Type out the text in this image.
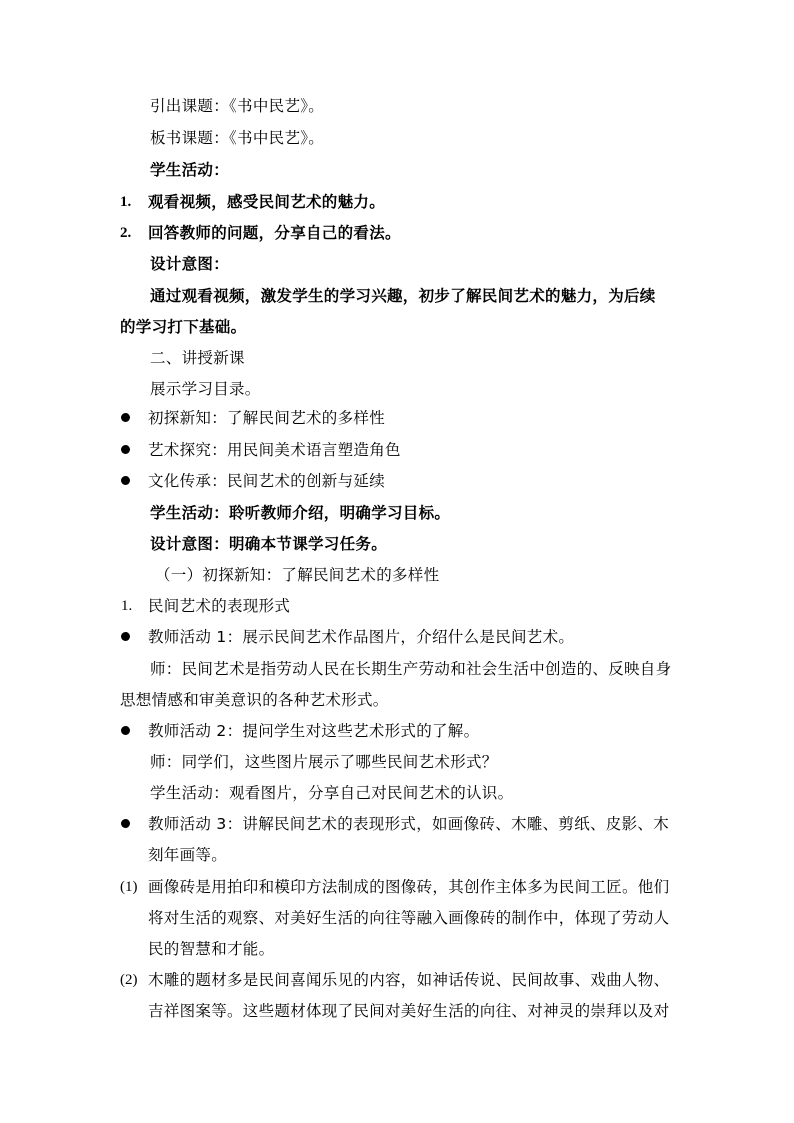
引出课题：《书中民艺》。
板书课题：《书中民艺》。
学生活动：
1. 观看视频，感受民间艺术的魅力。
2. 回答教师的问题，分享自己的看法。
设计意图：
通过观看视频，激发学生的学习兴趣，初步了解民间艺术的魅力，为后续
的学习打下基础。
二、讲授新课
展示学习目录。
初探新知：了解民间艺术的多样性
艺术探究：用民间美术语言塑造角色
文化传承：民间艺术的创新与延续
学生活动：聆听教师介绍，明确学习目标。
设计意图：明确本节课学习任务。
（一）初探新知：了解民间艺术的多样性
1. 民间艺术的表现形式
教师活动 1：展示民间艺术作品图片，介绍什么是民间艺术。
师：民间艺术是指劳动人民在长期生产劳动和社会生活中创造的、反映自身
思想情感和审美意识的各种艺术形式。
教师活动 2：提问学生对这些艺术形式的了解。
师：同学们，这些图片展示了哪些民间艺术形式？
学生活动：观看图片，分享自己对民间艺术的认识。
教师活动 3：讲解民间艺术的表现形式，如画像砖、木雕、剪纸、皮影、木
刻年画等。
(1) 画像砖是用拍印和模印方法制成的图像砖，其创作主体多为民间工匠。他们
将对生活的观察、对美好生活的向往等融入画像砖的制作中，体现了劳动人
民的智慧和才能。
(2) 木雕的题材多是民间喜闻乐见的内容，如神话传说、民间故事、戏曲人物、
吉祥图案等。这些题材体现了民间对美好生活的向往、对神灵的崇拜以及对
